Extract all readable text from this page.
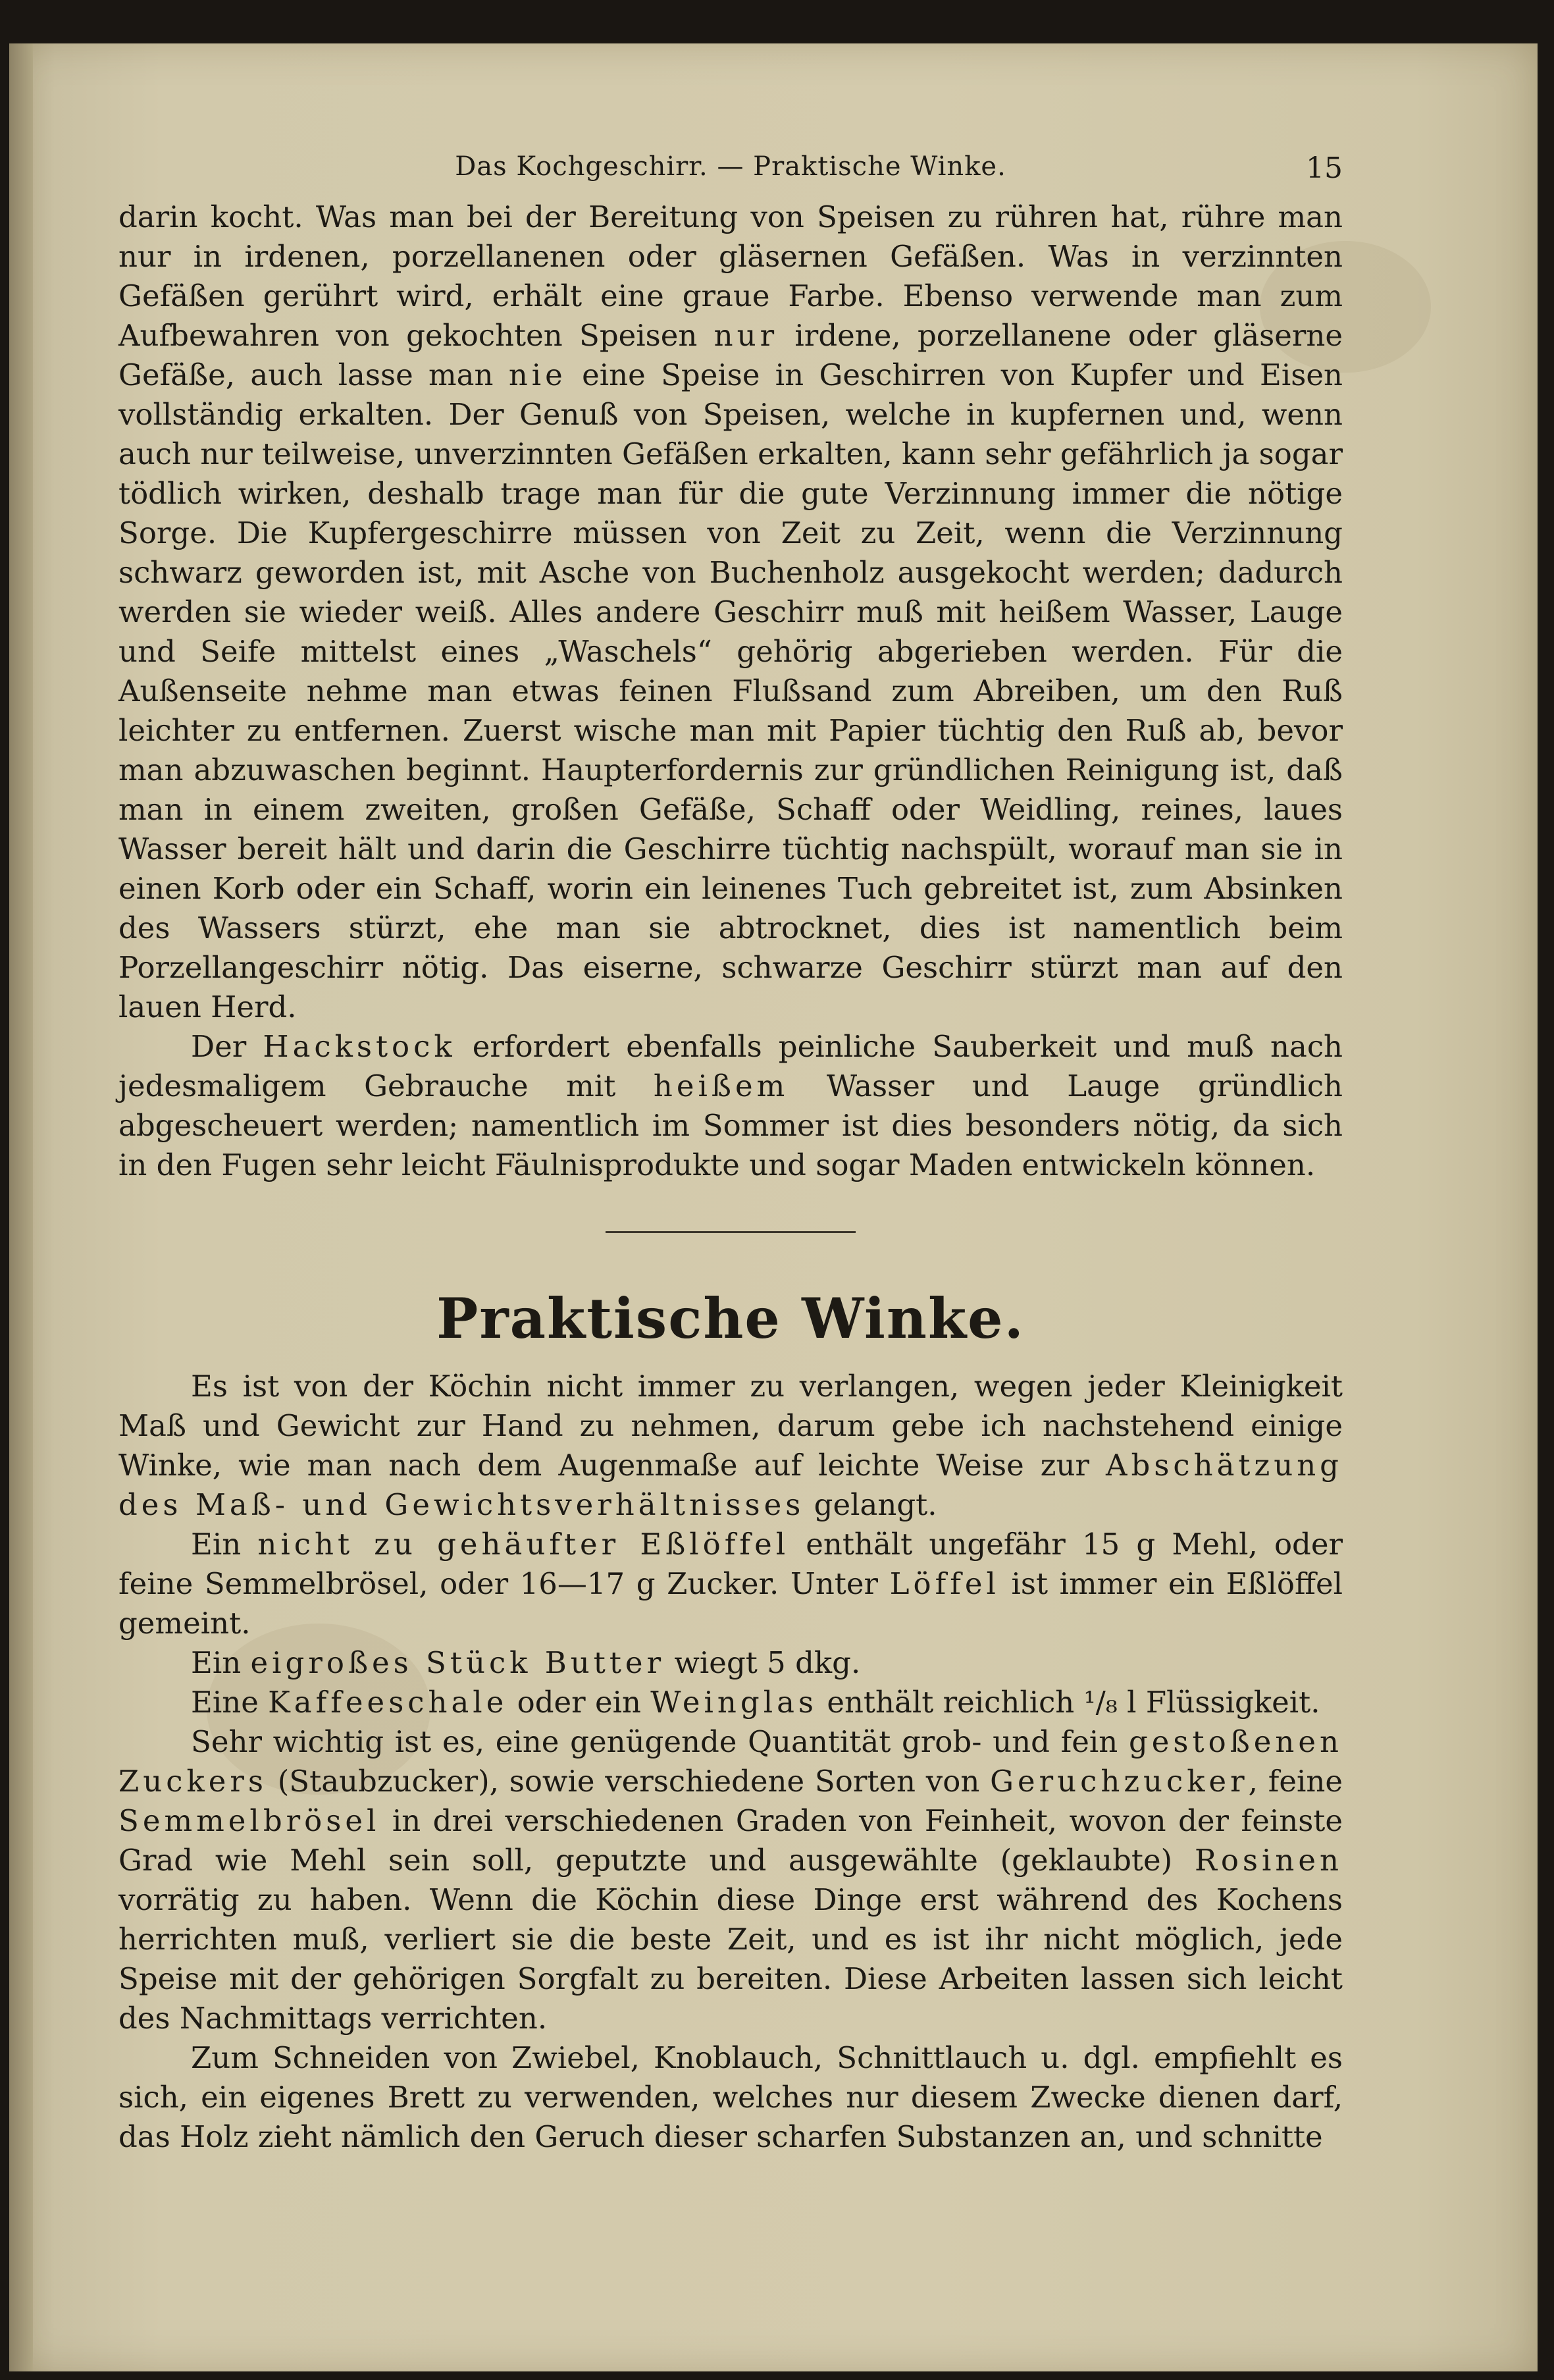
Das Kochgeschirr. — Praktische Winke.	15

darin kocht. Was man bei der Bereitung von Speisen zu rühren hat, rühre man nur in irdenen, porzellanenen oder gläsernen Gefäßen. Was in verzinnten Gefäßen gerührt wird, erhält eine graue Farbe. Ebenso verwende man zum Aufbewahren von gekochten Speisen nur irdene, porzellanene oder gläserne Gefäße, auch lasse man nie eine Speise in Geschirren von Kupfer und Eisen vollständig erkalten. Der Genuß von Speisen, welche in kupfernen und, wenn auch nur teilweise, unverzinnten Gefäßen erkalten, kann sehr gefährlich ja sogar tödlich wirken, deshalb trage man für die gute Verzinnung immer die nötige Sorge. Die Kupfergeschirre müssen von Zeit zu Zeit, wenn die Verzinnung schwarz geworden ist, mit Asche von Buchenholz ausgekocht werden; dadurch werden sie wieder weiß. Alles andere Geschirr muß mit heißem Wasser, Lauge und Seife mittelst eines „Waschels“ gehörig abgerieben werden. Für die Außenseite nehme man etwas feinen Flußsand zum Abreiben, um den Ruß leichter zu entfernen. Zuerst wische man mit Papier tüchtig den Ruß ab, bevor man abzuwaschen beginnt. Haupterfordernis zur gründlichen Reinigung ist, daß man in einem zweiten, großen Gefäße, Schaff oder Weidling, reines, laues Wasser bereit hält und darin die Geschirre tüchtig nachspült, worauf man sie in einen Korb oder ein Schaff, worin ein leinenes Tuch gebreitet ist, zum Absinken des Wassers stürzt, ehe man sie abtrocknet, dies ist namentlich beim Porzellangeschirr nötig. Das eiserne, schwarze Geschirr stürzt man auf den lauen Herd.

Der Hackstock erfordert ebenfalls peinliche Sauberkeit und muß nach jedesmaligem Gebrauche mit heißem Wasser und Lauge gründlich abgescheuert werden; namentlich im Sommer ist dies besonders nötig, da sich in den Fugen sehr leicht Fäulnisprodukte und sogar Maden entwickeln können.

Praktische Winke.

Es ist von der Köchin nicht immer zu verlangen, wegen jeder Kleinigkeit Maß und Gewicht zur Hand zu nehmen, darum gebe ich nachstehend einige Winke, wie man nach dem Augenmaße auf leichte Weise zur Abschätzung des Maß- und Gewichtsverhältnisses gelangt.

Ein nicht zu gehäufter Eßlöffel enthält ungefähr 15 g Mehl, oder feine Semmelbrösel, oder 16—17 g Zucker. Unter Löffel ist immer ein Eßlöffel gemeint.

Ein eigroßes Stück Butter wiegt 5 dkg.

Eine Kaffeeschale oder ein Weinglas enthält reichlich ¹/₈ l Flüssigkeit.

Sehr wichtig ist es, eine genügende Quantität grob- und fein gestoßenen Zuckers (Staubzucker), sowie verschiedene Sorten von Geruchzucker, feine Semmelbrösel in drei verschiedenen Graden von Feinheit, wovon der feinste Grad wie Mehl sein soll, geputzte und ausgewählte (geklaubte) Rosinen vorrätig zu haben. Wenn die Köchin diese Dinge erst während des Kochens herrichten muß, verliert sie die beste Zeit, und es ist ihr nicht möglich, jede Speise mit der gehörigen Sorgfalt zu bereiten. Diese Arbeiten lassen sich leicht des Nachmittags verrichten.

Zum Schneiden von Zwiebel, Knoblauch, Schnittlauch u. dgl. empfiehlt es sich, ein eigenes Brett zu verwenden, welches nur diesem Zwecke dienen darf, das Holz zieht nämlich den Geruch dieser scharfen Substanzen an, und schnitte
